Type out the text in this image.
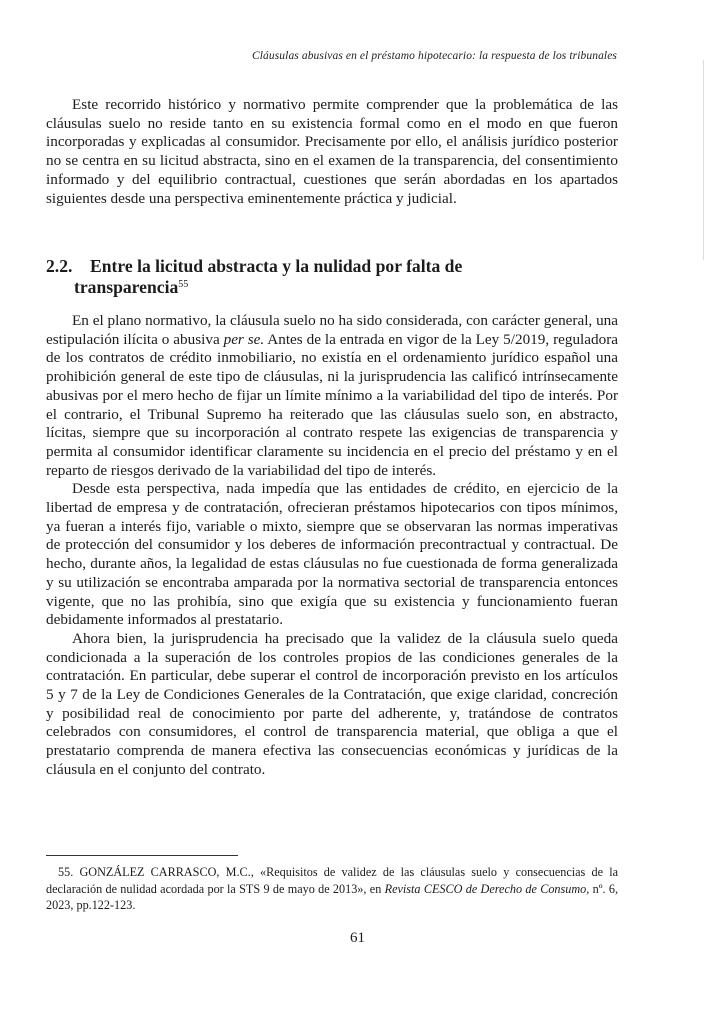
Cláusulas abusivas en el préstamo hipotecario: la respuesta de los tribunales

Este recorrido histórico y normativo permite comprender que la problemática de las cláusulas suelo no reside tanto en su existencia formal como en el modo en que fueron incorporadas y explicadas al consumidor. Precisamente por ello, el análisis jurídico posterior no se centra en su licitud abstracta, sino en el examen de la transparencia, del consentimiento informado y del equilibrio contractual, cuestiones que serán abordadas en los apartados siguientes desde una perspectiva eminentemente práctica y judicial.

2.2. Entre la licitud abstracta y la nulidad por falta de
transparencia$^{55}$

En el plano normativo, la cláusula suelo no ha sido considerada, con carácter general, una estipulación ilícita o abusiva per se. Antes de la entrada en vigor de la Ley 5/2019, reguladora de los contratos de crédito inmobiliario, no existía en el ordenamiento jurídico español una prohibición general de este tipo de cláusulas, ni la jurisprudencia las calificó intrínsecamente abusivas por el mero hecho de fijar un límite mínimo a la variabilidad del tipo de interés. Por el contrario, el Tribunal Supremo ha reiterado que las cláusulas suelo son, en abstracto, lícitas, siempre que su incorporación al contrato respete las exigencias de transparencia y permita al consumidor identificar claramente su incidencia en el precio del préstamo y en el reparto de riesgos derivado de la variabilidad del tipo de interés.

Desde esta perspectiva, nada impedía que las entidades de crédito, en ejercicio de la libertad de empresa y de contratación, ofrecieran préstamos hipotecarios con tipos mínimos, ya fueran a interés fijo, variable o mixto, siempre que se observaran las normas imperativas de protección del consumidor y los deberes de información precontractual y contractual. De hecho, durante años, la legalidad de estas cláusulas no fue cuestionada de forma generalizada y su utilización se encontraba amparada por la normativa sectorial de transparencia entonces vigente, que no las prohibía, sino que exigía que su existencia y funcionamiento fueran debidamente informados al prestatario.

Ahora bien, la jurisprudencia ha precisado que la validez de la cláusula suelo queda condicionada a la superación de los controles propios de las condiciones generales de la contratación. En particular, debe superar el control de incorporación previsto en los artículos 5 y 7 de la Ley de Condiciones Generales de la Contratación, que exige claridad, concreción y posibilidad real de conocimiento por parte del adherente, y, tratándose de contratos celebrados con consumidores, el control de transparencia material, que obliga a que el prestatario comprenda de manera efectiva las consecuencias económicas y jurídicas de la cláusula en el conjunto del contrato.

55. GONZÁLEZ CARRASCO, M.C., «Requisitos de validez de las cláusulas suelo y consecuencias de la declaración de nulidad acordada por la STS 9 de mayo de 2013», en Revista CESCO de Derecho de Consumo, nº. 6, 2023, pp.122-123.

61
